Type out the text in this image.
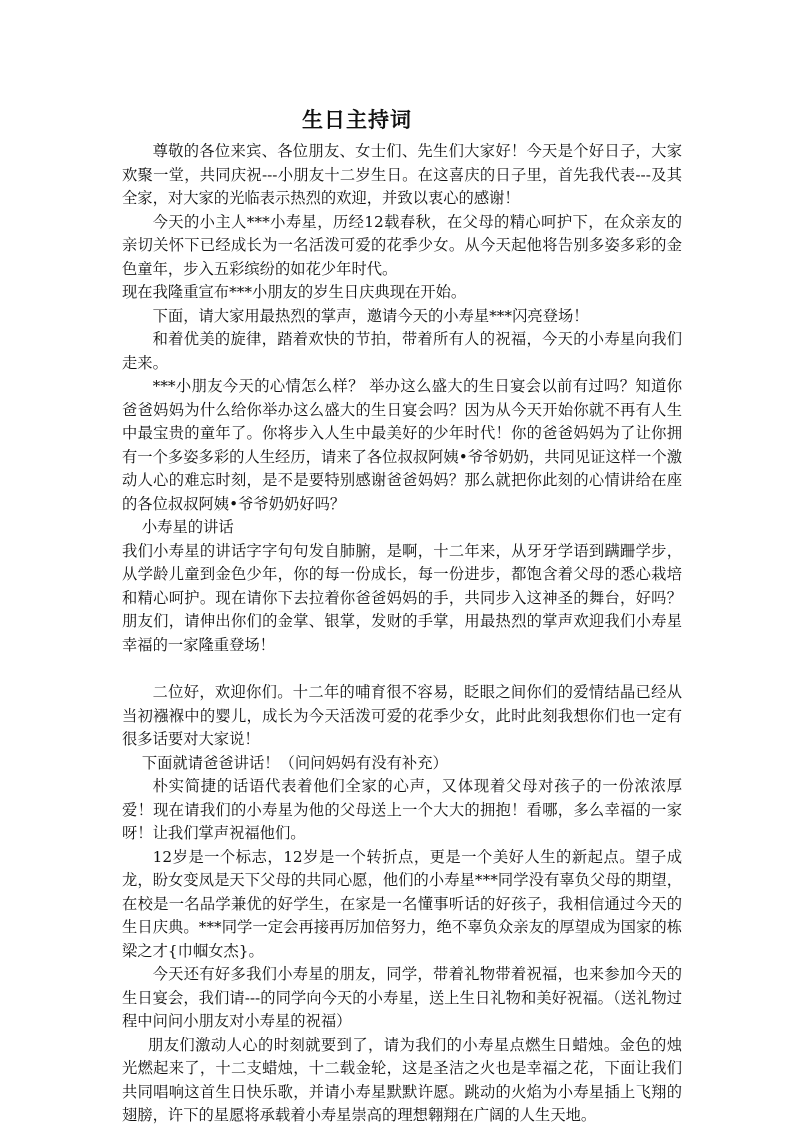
生日主持词

尊敬的各位来宾、各位朋友、女士们、先生们大家好！今天是个好日子，大家欢聚一堂，共同庆祝---小朋友十二岁生日。在这喜庆的日子里，首先我代表---及其全家，对大家的光临表示热烈的欢迎，并致以衷心的感谢！

今天的小主人***小寿星，历经12载春秋，在父母的精心呵护下，在众亲友的亲切关怀下已经成长为一名活泼可爱的花季少女。从今天起他将告别多姿多彩的金色童年，步入五彩缤纷的如花少年时代。

现在我隆重宣布***小朋友的岁生日庆典现在开始。

下面，请大家用最热烈的掌声，邀请今天的小寿星***闪亮登场！

和着优美的旋律，踏着欢快的节拍，带着所有人的祝福，今天的小寿星向我们走来。

***小朋友今天的心情怎么样？ 举办这么盛大的生日宴会以前有过吗？知道你爸爸妈妈为什么给你举办这么盛大的生日宴会吗？因为从今天开始你就不再有人生中最宝贵的童年了。你将步入人生中最美好的少年时代！你的爸爸妈妈为了让你拥有一个多姿多彩的人生经历，请来了各位叔叔阿姨•爷爷奶奶，共同见证这样一个激动人心的难忘时刻，是不是要特别感谢爸爸妈妈？那么就把你此刻的心情讲给在座的各位叔叔阿姨•爷爷奶奶好吗？

小寿星的讲话

我们小寿星的讲话字字句句发自肺腑，是啊，十二年来，从牙牙学语到蹒跚学步，从学龄儿童到金色少年，你的每一份成长，每一份进步，都饱含着父母的悉心栽培和精心呵护。现在请你下去拉着你爸爸妈妈的手，共同步入这神圣的舞台，好吗？朋友们，请伸出你们的金掌、银掌，发财的手掌，用最热烈的掌声欢迎我们小寿星幸福的一家隆重登场！

二位好，欢迎你们。十二年的哺育很不容易，眨眼之间你们的爱情结晶已经从当初襁褓中的婴儿，成长为今天活泼可爱的花季少女，此时此刻我想你们也一定有很多话要对大家说！

下面就请爸爸讲话！（问问妈妈有没有补充）

朴实简捷的话语代表着他们全家的心声，又体现着父母对孩子的一份浓浓厚爱！现在请我们的小寿星为他的父母送上一个大大的拥抱！看哪，多么幸福的一家呀！让我们掌声祝福他们。

12岁是一个标志，12岁是一个转折点，更是一个美好人生的新起点。望子成龙，盼女变凤是天下父母的共同心愿，他们的小寿星***同学没有辜负父母的期望，在校是一名品学兼优的好学生，在家是一名懂事听话的好孩子，我相信通过今天的生日庆典。***同学一定会再接再厉加倍努力，绝不辜负众亲友的厚望成为国家的栋梁之才{巾帼女杰}。

今天还有好多我们小寿星的朋友，同学，带着礼物带着祝福，也来参加今天的生日宴会，我们请---的同学向今天的小寿星，送上生日礼物和美好祝福。（送礼物过程中问问小朋友对小寿星的祝福）

朋友们激动人心的时刻就要到了，请为我们的小寿星点燃生日蜡烛。金色的烛光燃起来了，十二支蜡烛，十二载金轮，这是圣洁之火也是幸福之花，下面让我们共同唱响这首生日快乐歌，并请小寿星默默许愿。跳动的火焰为小寿星插上飞翔的翅膀，许下的星愿将承载着小寿星崇高的理想翱翔在广阔的人生天地。
